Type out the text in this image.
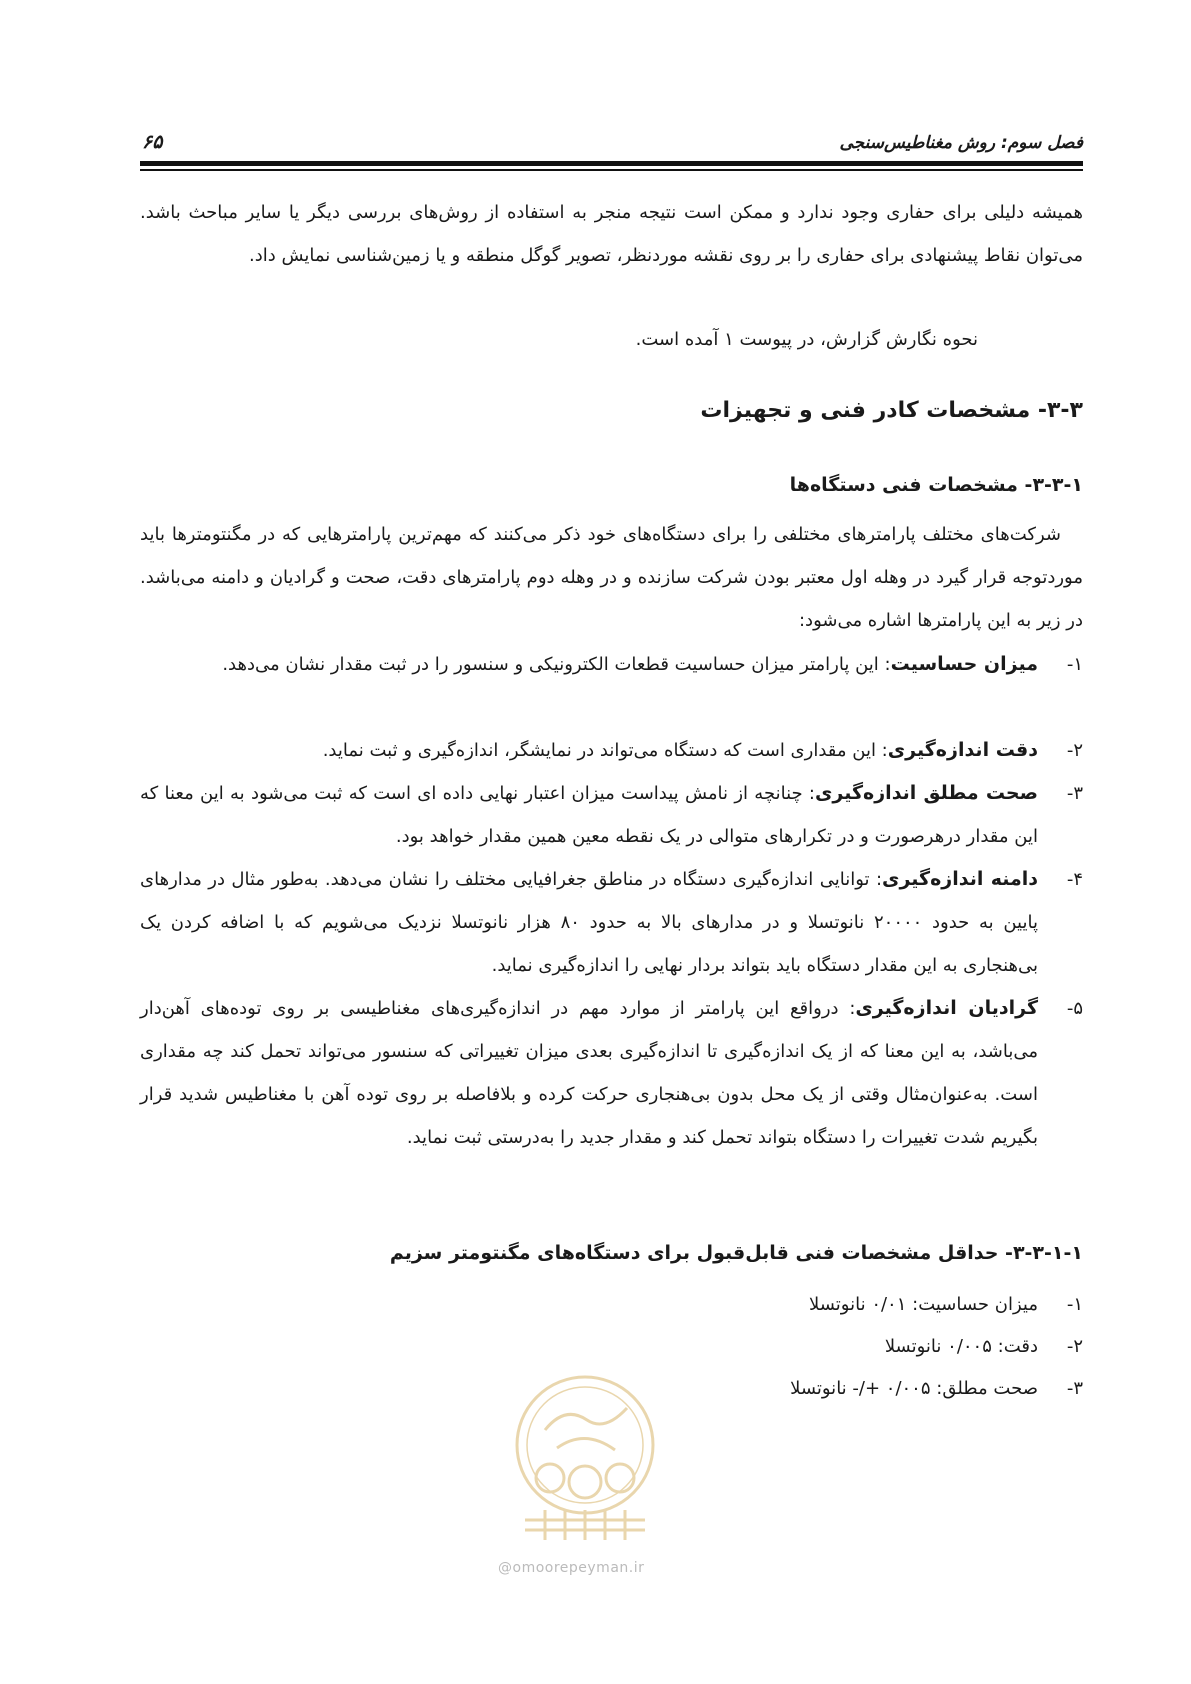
فصل سوم: روش مغناطیس‌سنجی
۶۵
همیشه دلیلی برای حفاری وجود ندارد و ممکن است نتیجه منجر به استفاده از روش‌های بررسی دیگر یا سایر مباحث باشد. می‌توان نقاط پیشنهادی برای حفاری را بر روی نقشه موردنظر، تصویر گوگل منطقه و یا زمین‌شناسی نمایش داد.
نحوه نگارش گزارش، در پیوست ۱ آمده است.
۳-۳- مشخصات کادر فنی و تجهیزات
۳-۳-۱- مشخصات فنی دستگاه‌ها
شرکت‌های مختلف پارامترهای مختلفی را برای دستگاه‌های خود ذکر می‌کنند که مهم‌ترین پارامترهایی که در مگنتومترها باید موردتوجه قرار گیرد در وهله اول معتبر بودن شرکت سازنده و در وهله دوم پارامترهای دقت، صحت و گرادیان و دامنه می‌باشد. در زیر به این پارامترها اشاره می‌شود:
۱-
میزان حساسیت: این پارامتر میزان حساسیت قطعات الکترونیکی و سنسور را در ثبت مقدار نشان می‌دهد.
۲-
دقت اندازه‌گیری: این مقداری است که دستگاه می‌تواند در نمایشگر، اندازه‌گیری و ثبت نماید.
۳-
صحت مطلق اندازه‌گیری: چنانچه از نامش پیداست میزان اعتبار نهایی داده ای است که ثبت می‌شود به این معنا که این مقدار درهرصورت و در تکرارهای متوالی در یک نقطه معین همین مقدار خواهد بود.
۴-
دامنه اندازه‌گیری: توانایی اندازه‌گیری دستگاه در مناطق جغرافیایی مختلف را نشان می‌دهد. به‌طور مثال در مدارهای پایین به حدود ۲۰۰۰۰ نانوتسلا و در مدارهای بالا به حدود ۸۰ هزار نانوتسلا نزدیک می‌شویم که با اضافه کردن یک بی‌هنجاری به این مقدار دستگاه باید بتواند بردار نهایی را اندازه‌گیری نماید.
۵-
گرادیان اندازه‌گیری: درواقع این پارامتر از موارد مهم در اندازه‌گیری‌های مغناطیسی بر روی توده‌های آهن‌دار می‌باشد، به این معنا که از یک اندازه‌گیری تا اندازه‌گیری بعدی میزان تغییراتی که سنسور می‌تواند تحمل کند چه مقداری است. به‌عنوان‌مثال وقتی از یک محل بدون بی‌هنجاری حرکت کرده و بلافاصله بر روی توده آهن با مغناطیس شدید قرار بگیریم شدت تغییرات را دستگاه بتواند تحمل کند و مقدار جدید را به‌درستی ثبت نماید.
۳-۳-۱-۱- حداقل مشخصات فنی قابل‌قبول برای دستگاه‌های مگنتومتر سزیم
۱-میزان حساسیت: ۰/۰۱ نانوتسلا
۲-دقت: ۰/۰۰۵ نانوتسلا
۳-صحت مطلق: ۰/۰۰۵ +/- نانوتسلا
@omoorepeyman.ir
